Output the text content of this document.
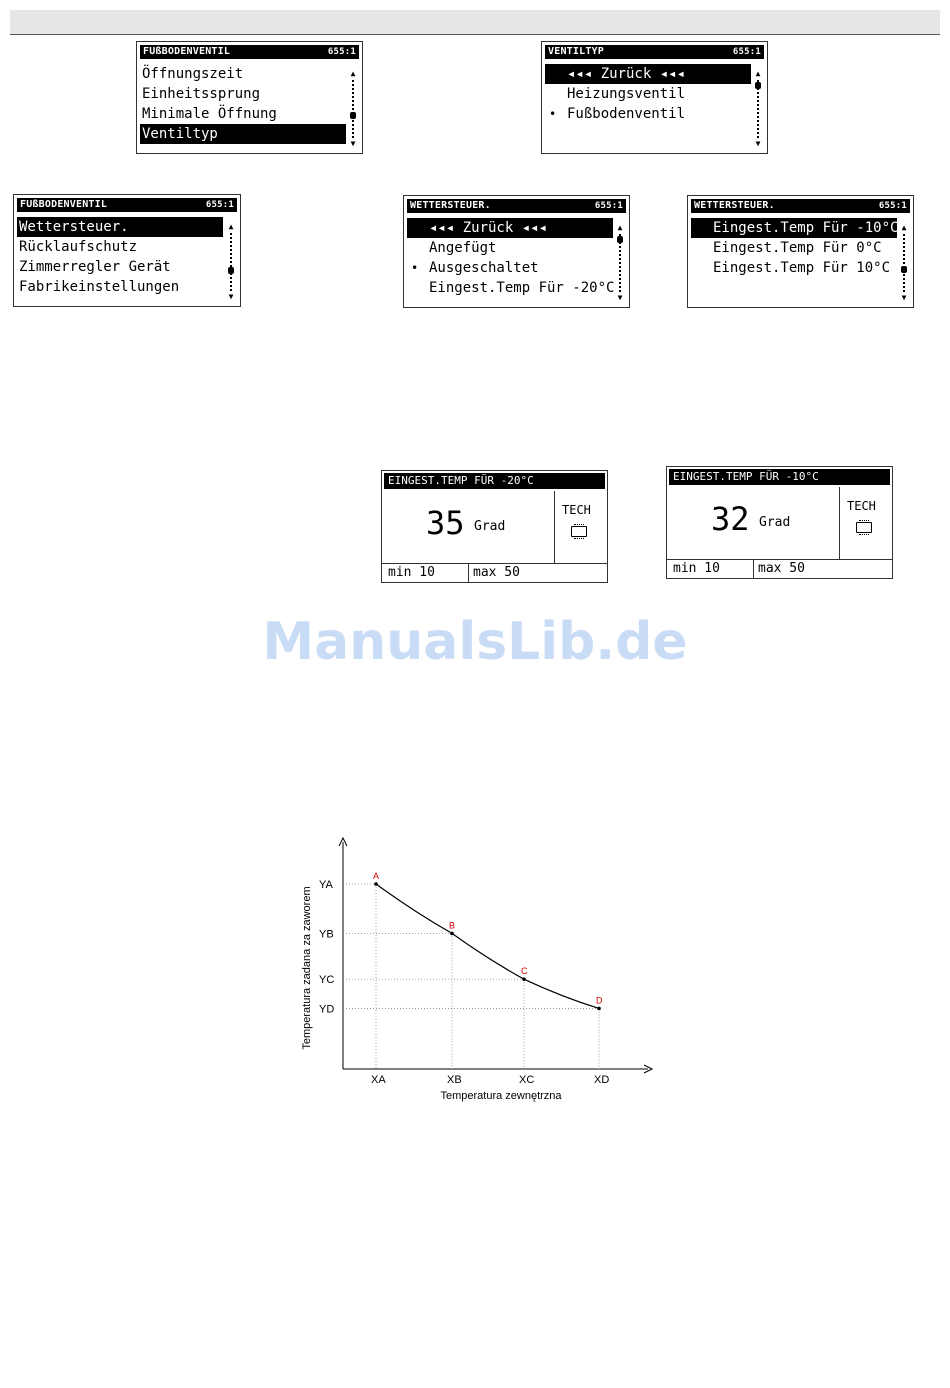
FUßBODENVENTIL	655:1
Öffnungszeit
Einheitssprung
Minimale Öffnung
Ventiltyp
▲
▼
VENTILTYP	655:1
◂◂◂ Zurück ◂◂◂
Heizungsventil
• Fußbodenventil
▲
▼
FUßBODENVENTIL	655:1
Wettersteuer.
Rücklaufschutz
Zimmerregler Gerät
Fabrikeinstellungen
▲
▼
WETTERSTEUER.	655:1
◂◂◂ Zurück ◂◂◂
Angefügt
• Ausgeschaltet
Eingest.Temp Für -20°C
▲
▼
WETTERSTEUER.	655:1
Eingest.Temp Für -10°C
Eingest.Temp Für 0°C
Eingest.Temp Für 10°C
▲
▼
EINGEST.TEMP FÜR -20°C
35 Grad
TECH
min 10	max 50
EINGEST.TEMP FÜR -10°C
32 Grad
TECH
min 10	max 50
ManualsLib.de
A
XA
YA
B
XB
YB
C
XC
YC
D
XD
YD
Temperatura zewnętrzna
Temperatura zadana za zaworem
